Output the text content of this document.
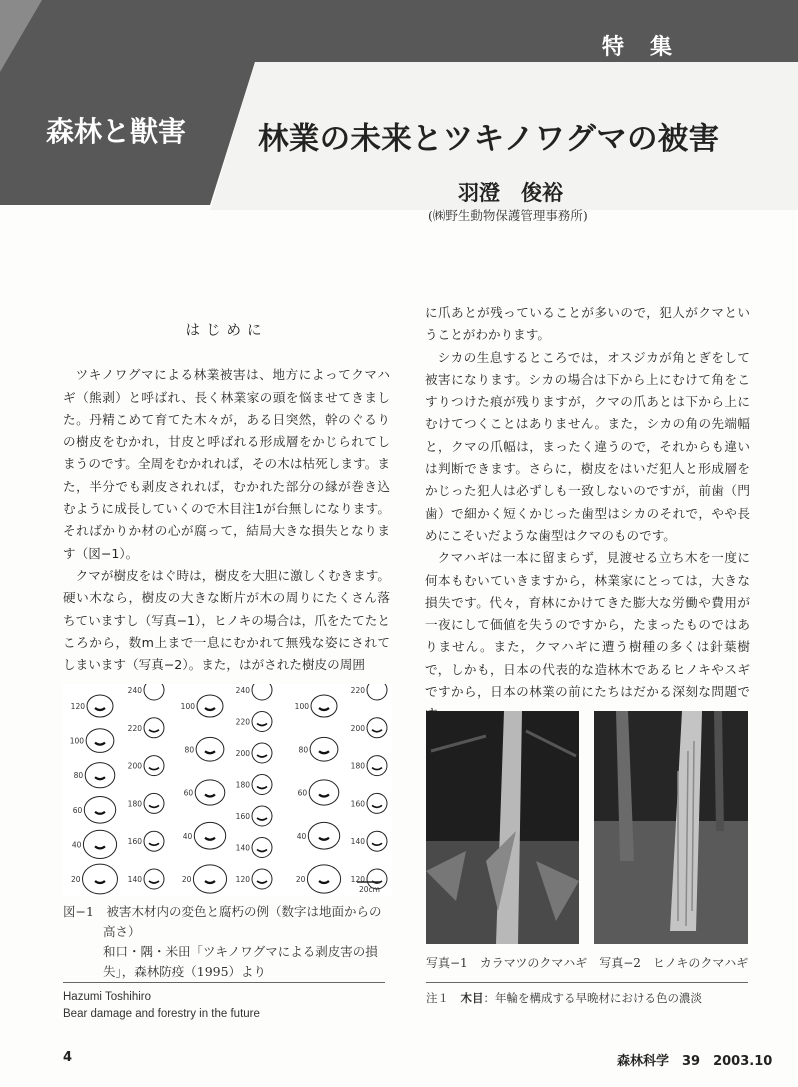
特　集
森林と獣害 林業の未来とツキノワグマの被害
羽澄　俊裕
(㈱野生動物保護管理事務所)

はじめに

ツキノワグマによる林業被害は、地方によってクマハギ（熊剥）と呼ばれ、長く林業家の頭を悩ませてきました。丹精こめて育てた木々が，ある日突然，幹のぐるりの樹皮をむかれ，甘皮と呼ばれる形成層をかじられてしまうのです。全周をむかれれば，その木は枯死します。また，半分でも剥皮されれば，むかれた部分の縁が巻き込むように成長していくので木目注1が台無しになります。そればかりか材の心が腐って，結局大きな損失となります（図−1）。

クマが樹皮をはぐ時は，樹皮を大胆に激しくむきます。硬い木なら，樹皮の大きな断片が木の周りにたくさん落ちていますし（写真−1），ヒノキの場合は，爪をたてたところから，数m上まで一息にむかれて無残な姿にされてしまいます（写真−2）。また，はがされた樹皮の周囲

に爪あとが残っていることが多いので，犯人がクマということがわかります。

シカの生息するところでは，オスジカが角とぎをして被害になります。シカの場合は下から上にむけて角をこすりつけた痕が残りますが，クマの爪あとは下から上にむけてつくことはありません。また，シカの角の先端幅と，クマの爪幅は，まったく違うので，それからも違いは判断できます。さらに，樹皮をはいだ犯人と形成層をかじった犯人は必ずしも一致しないのですが，前歯（門歯）で細かく短くかじった歯型はシカのそれで，やや長めにこそいだような歯型はクマのものです。

クマハギは一本に留まらず，見渡せる立ち木を一度に何本もむいていきますから，林業家にとっては，大きな損失です。代々，育林にかけてきた膨大な労働や費用が一夜にして価値を失うのですから，たまったものではありません。また，クマハギに遭う樹種の多くは針葉樹で，しかも，日本の代表的な造林木であるヒノキやスギですから，日本の林業の前にたちはだかる深刻な問題で

120
100
80
60
40
20
240
220
200
180
160
140
100
80
60
40
20
240
220
200
180
160
140
120
100
80
60
40
20
220
200
180
160
140
120
20cm
図−1　 被害木材内の変色と腐朽の例（数字は地面からの
高さ）
和口・隅・米田「ツキノワグマによる剥皮害の損
失」，森林防疫（1995）より
写真−1　カラマツのクマハギ　 写真−2　ヒノキのクマハギ
注１　 木目：年輪を構成する早晩材における色の濃淡
Hazumi Toshihiro
Bear damage and forestry in the future
4	森林科学　39　2003.10
